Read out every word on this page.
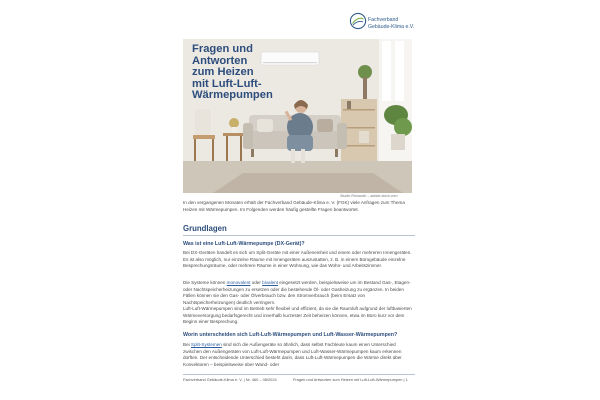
Fachverband
Gebäude-Klima e.V.
Fragen und
Antworten
zum Heizen
mit Luft-Luft-
Wärmepumpen
Studio Romantic – adobe.stock.com
In den vergangenen Monaten erhält der Fachverband Gebäude-Klima e. V. (FGK) viele Anfragen zum Thema Heizen mit Wärmepumpen. Im Folgenden werden häufig gestellte Fragen beantwortet.
Grundlagen
Was ist eine Luft-Luft-Wärmepumpe (DX-Gerät)?
Bei DX-Geräten handelt es sich um Split-Geräte mit einer Außeneinheit und einem oder mehreren Innengeräten. Es ist also möglich, nur einzelne Räume mit Innengeräten auszustatten, z. B. in einem Bürogebäude einzelne Besprechungsräume, oder mehrere Räume in einer Wohnung, wie das Wohn- und Arbeitszimmer.
Die Systeme können monovalent oder bivalent eingesetzt werden, beispielsweise um im Bestand Gas-, Etagen- oder Nachtspeicherheizungen zu ersetzen oder die bestehende Öl- oder Gasheizung zu ergänzen. In beiden Fällen können sie den Gas- oder Ölverbrauch bzw. den Stromverbrauch (beim Ersatz von Nachtspeicherheizungen) deutlich verringern.
Luft-Luft-Wärmepumpen sind im Betrieb sehr flexibel und effizient, da sie die Raumluft aufgrund der luftbasierten Wärmeversorgung bedarfsgerecht und innerhalb kurzester Zeit beheizen können, etwa im Büro kurz vor dem Beginn einer Besprechung.
Worin unterscheiden sich Luft-Luft-Wärmepumpen und Luft-Wasser-Wärmepumpen?
Bei Split-Systemen sind sich die Außengeräte so ähnlich, dass selbst Fachleute kaum einen Unterschied zwischen den Außengeräten von Luft-Luft-Wärmepumpen und Luft-Wasser-Wärmepumpen kaum erkennen dürften. Der entscheidende Unterschied besteht darin, dass Luft-Luft-Wärmepumpen die Wärme direkt über Konvektoren – beispielsweise über Wand- oder
Fachverband Gebäude-Klima e. V. | Nr. 460 – 08/2024	Fragen und Antworten zum Heizen mit Luft-Luft-Wärmepumpen | 1
